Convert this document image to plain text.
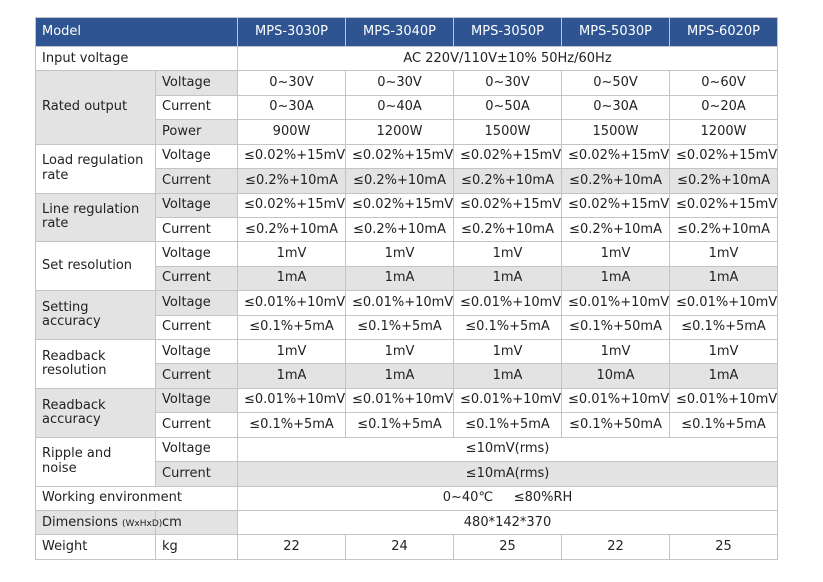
Model		MPS-3030P	MPS-3040P	MPS-3050P	MPS-5030P	MPS-6020P
Input voltage		AC 220V/110V±10% 50Hz/60Hz				
Rated output	Voltage	0~30V	0~30V	0~30V	0~50V	0~60V
	Current	0~30A	0~40A	0~50A	0~30A	0~20A
	Power	900W	1200W	1500W	1500W	1200W
Load regulation rate	Voltage	≤0.02%+15mV	≤0.02%+15mV	≤0.02%+15mV	≤0.02%+15mV	≤0.02%+15mV
	Current	≤0.2%+10mA	≤0.2%+10mA	≤0.2%+10mA	≤0.2%+10mA	≤0.2%+10mA
Line regulation rate	Voltage	≤0.02%+15mV	≤0.02%+15mV	≤0.02%+15mV	≤0.02%+15mV	≤0.02%+15mV
	Current	≤0.2%+10mA	≤0.2%+10mA	≤0.2%+10mA	≤0.2%+10mA	≤0.2%+10mA
Set resolution	Voltage	1mV	1mV	1mV	1mV	1mV
	Current	1mA	1mA	1mA	1mA	1mA
Setting accuracy	Voltage	≤0.01%+10mV	≤0.01%+10mV	≤0.01%+10mV	≤0.01%+10mV	≤0.01%+10mV
	Current	≤0.1%+5mA	≤0.1%+5mA	≤0.1%+5mA	≤0.1%+50mA	≤0.1%+5mA
Readback resolution	Voltage	1mV	1mV	1mV	1mV	1mV
	Current	1mA	1mA	1mA	10mA	1mA
Readback accuracy	Voltage	≤0.01%+10mV	≤0.01%+10mV	≤0.01%+10mV	≤0.01%+10mV	≤0.01%+10mV
	Current	≤0.1%+5mA	≤0.1%+5mA	≤0.1%+5mA	≤0.1%+50mA	≤0.1%+5mA
Ripple and noise	Voltage	≤10mV(rms)				
	Current	≤10mA(rms)				
Working environment		0~40℃     ≤80%RH				
Dimensions (WxHxD)	cm	480*142*370				
Weight	kg	22	24	25	22	25
